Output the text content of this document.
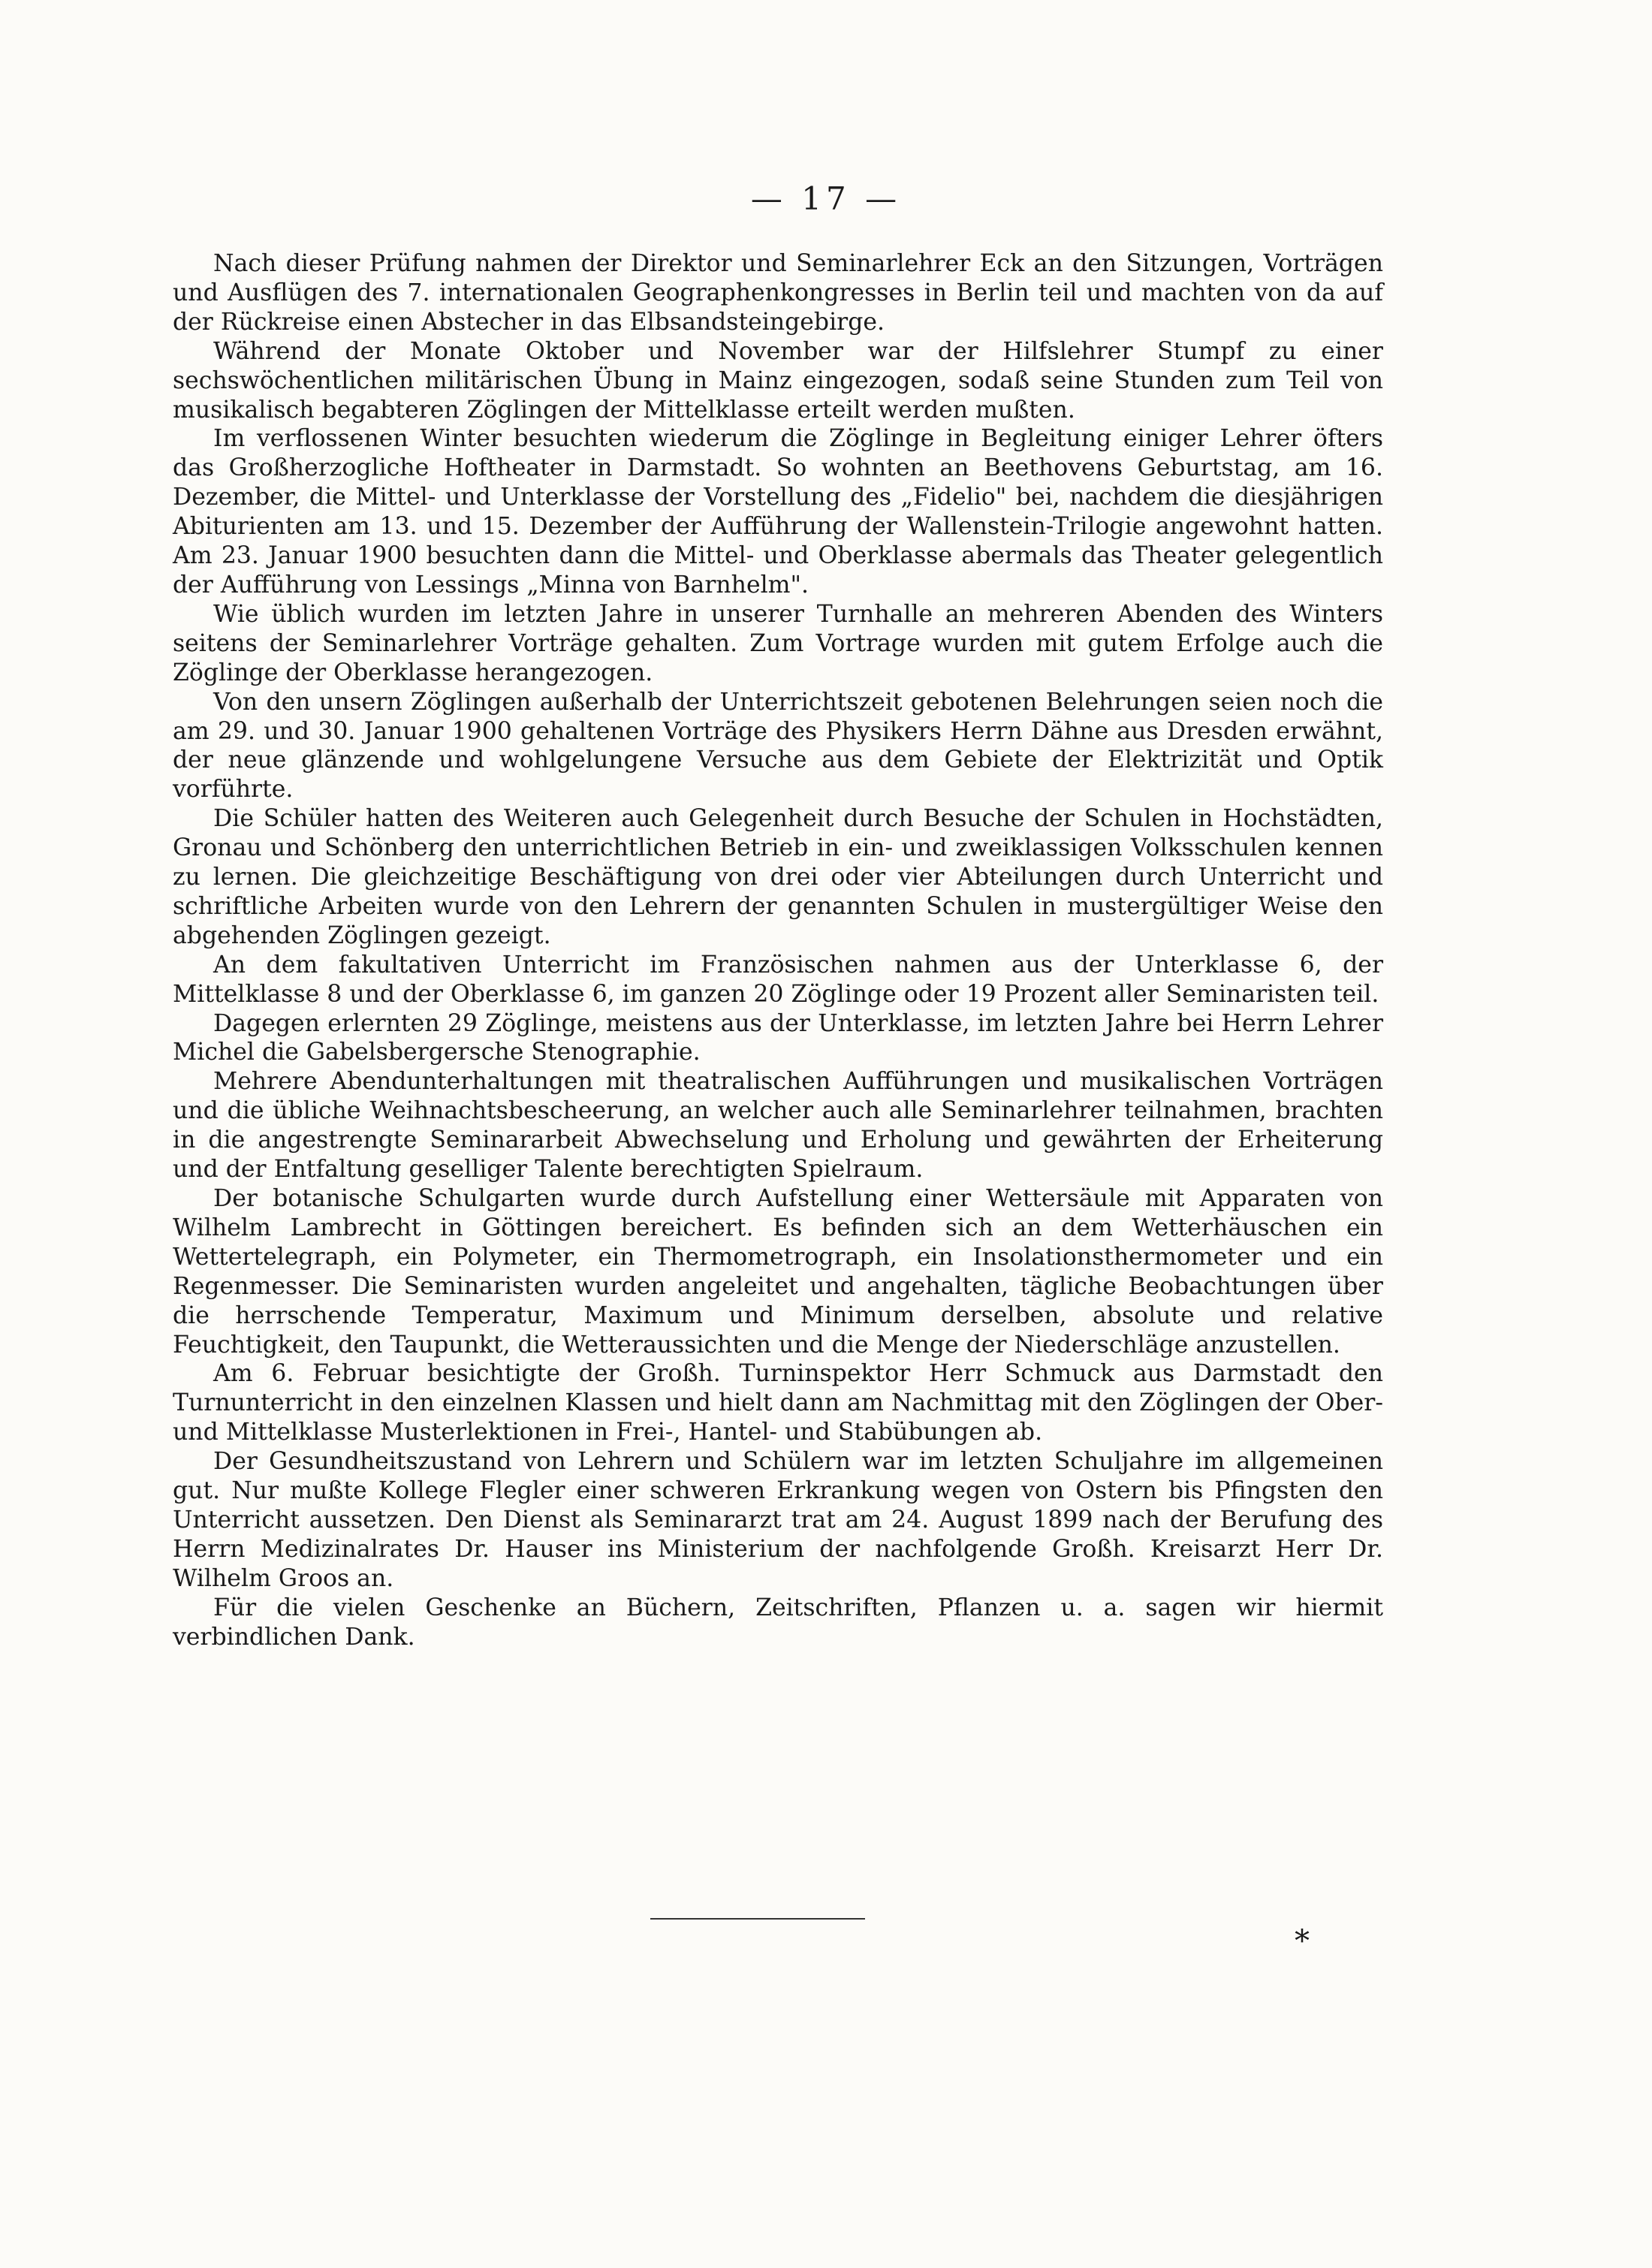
— 17 —

Nach dieser Prüfung nahmen der Direktor und Seminarlehrer Eck an den Sitzungen, Vorträgen und Ausflügen des 7. internationalen Geographenkongresses in Berlin teil und machten von da auf der Rückreise einen Abstecher in das Elbsandsteingebirge.

Während der Monate Oktober und November war der Hilfslehrer Stumpf zu einer sechswöchentlichen militärischen Übung in Mainz eingezogen, sodaß seine Stunden zum Teil von musikalisch begabteren Zöglingen der Mittelklasse erteilt werden mußten.

Im verflossenen Winter besuchten wiederum die Zöglinge in Begleitung einiger Lehrer öfters das Großherzogliche Hoftheater in Darmstadt. So wohnten an Beethovens Geburtstag, am 16. Dezember, die Mittel- und Unterklasse der Vorstellung des „Fidelio" bei, nachdem die diesjährigen Abiturienten am 13. und 15. Dezember der Aufführung der Wallenstein-Trilogie angewohnt hatten. Am 23. Januar 1900 besuchten dann die Mittel- und Oberklasse abermals das Theater gelegentlich der Aufführung von Lessings „Minna von Barnhelm".

Wie üblich wurden im letzten Jahre in unserer Turnhalle an mehreren Abenden des Winters seitens der Seminarlehrer Vorträge gehalten. Zum Vortrage wurden mit gutem Erfolge auch die Zöglinge der Oberklasse herangezogen.

Von den unsern Zöglingen außerhalb der Unterrichtszeit gebotenen Belehrungen seien noch die am 29. und 30. Januar 1900 gehaltenen Vorträge des Physikers Herrn Dähne aus Dresden erwähnt, der neue glänzende und wohlgelungene Versuche aus dem Gebiete der Elektrizität und Optik vorführte.

Die Schüler hatten des Weiteren auch Gelegenheit durch Besuche der Schulen in Hochstädten, Gronau und Schönberg den unterrichtlichen Betrieb in ein- und zweiklassigen Volksschulen kennen zu lernen. Die gleichzeitige Beschäftigung von drei oder vier Abteilungen durch Unterricht und schriftliche Arbeiten wurde von den Lehrern der genannten Schulen in mustergültiger Weise den abgehenden Zöglingen gezeigt.

An dem fakultativen Unterricht im Französischen nahmen aus der Unterklasse 6, der Mittelklasse 8 und der Oberklasse 6, im ganzen 20 Zöglinge oder 19 Prozent aller Seminaristen teil.

Dagegen erlernten 29 Zöglinge, meistens aus der Unterklasse, im letzten Jahre bei Herrn Lehrer Michel die Gabelsbergersche Stenographie.

Mehrere Abendunterhaltungen mit theatralischen Aufführungen und musikalischen Vorträgen und die übliche Weihnachtsbescheerung, an welcher auch alle Seminarlehrer teilnahmen, brachten in die angestrengte Seminararbeit Abwechselung und Erholung und gewährten der Erheiterung und der Entfaltung geselliger Talente berechtigten Spielraum.

Der botanische Schulgarten wurde durch Aufstellung einer Wettersäule mit Apparaten von Wilhelm Lambrecht in Göttingen bereichert. Es befinden sich an dem Wetterhäuschen ein Wettertelegraph, ein Polymeter, ein Thermometrograph, ein Insolationsthermometer und ein Regenmesser. Die Seminaristen wurden angeleitet und angehalten, tägliche Beobachtungen über die herrschende Temperatur, Maximum und Minimum derselben, absolute und relative Feuchtigkeit, den Taupunkt, die Wetteraussichten und die Menge der Niederschläge anzustellen.

Am 6. Februar besichtigte der Großh. Turninspektor Herr Schmuck aus Darmstadt den Turnunterricht in den einzelnen Klassen und hielt dann am Nachmittag mit den Zöglingen der Ober- und Mittelklasse Musterlektionen in Frei-, Hantel- und Stabübungen ab.

Der Gesundheitszustand von Lehrern und Schülern war im letzten Schuljahre im allgemeinen gut. Nur mußte Kollege Flegler einer schweren Erkrankung wegen von Ostern bis Pfingsten den Unterricht aussetzen. Den Dienst als Seminararzt trat am 24. August 1899 nach der Berufung des Herrn Medizinalrates Dr. Hauser ins Ministerium der nachfolgende Großh. Kreisarzt Herr Dr. Wilhelm Groos an.

Für die vielen Geschenke an Büchern, Zeitschriften, Pflanzen u. a. sagen wir hiermit verbindlichen Dank.

*
